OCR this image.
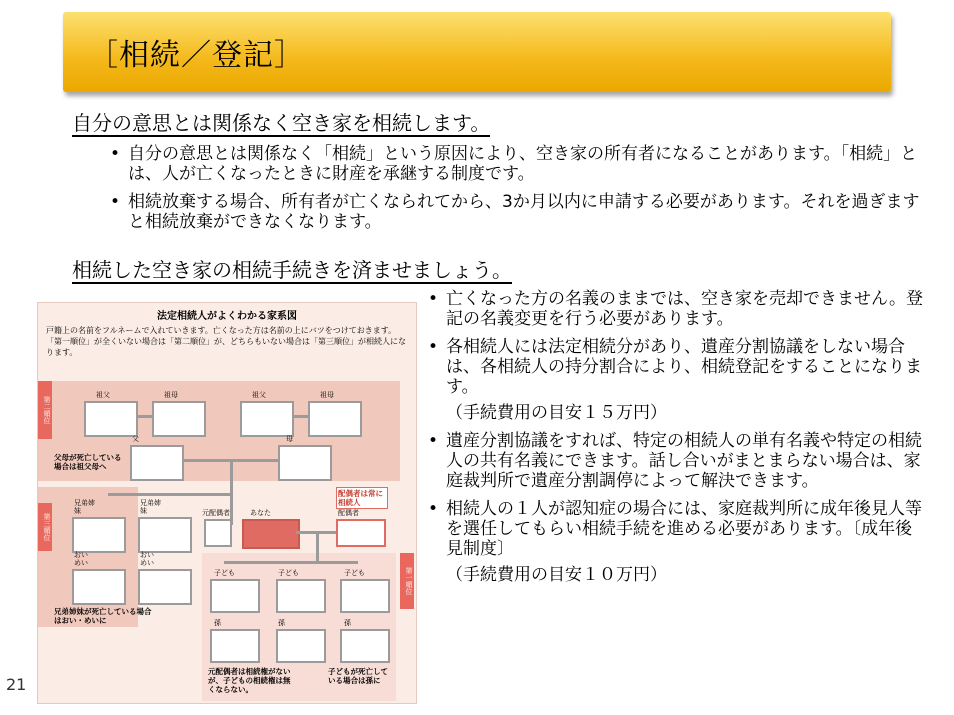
［相続／登記］
自分の意思とは関係なく空き家を相続します。
• 自分の意思とは関係なく「相続」という原因により、空き家の所有者になることがあります。「相続」とは、人が亡くなったときに財産を承継する制度です。
• 相続放棄する場合、所有者が亡くなられてから、3か月以内に申請する必要があります。それを過ぎますと相続放棄ができなくなります。
相続した空き家の相続手続きを済ませましょう。
• 亡くなった方の名義のままでは、空き家を売却できません。登記の名義変更を行う必要があります。
• 各相続人には法定相続分があり、遺産分割協議をしない場合は、各相続人の持分割合により、相続登記をすることになります。
（手続費用の目安１５万円）
• 遺産分割協議をすれば、特定の相続人の単有名義や特定の相続人の共有名義にできます。話し合いがまとまらない場合は、家庭裁判所で遺産分割調停によって解決できます。
• 相続人の１人が認知症の場合には、家庭裁判所に成年後見人等を選任してもらい相続手続を進める必要があります。〔成年後見制度〕
（手続費用の目安１０万円）
法定相続人がよくわかる家系図
戸籍上の名前をフルネームで入れていきます。亡くなった方は名前の上にバツをつけておきます。「第一順位」が全くいない場合は「第二順位」が、どちらもいない場合は「第三順位」が相続人になります。
第二順位
第三順位
第一順位
祖父	祖母	祖父	祖母
父	母
父母が死亡している場合は祖父母へ
兄弟姉妹
兄弟姉妹
おいめい
おいめい
兄弟姉妹が死亡している場合はおい・めいに
元配偶者	あなた
配偶者は常に相続人
配偶者
子ども	子ども	子ども
孫	孫	孫
元配偶者は相続権がないが、子どもの相続権は無くならない。
子どもが死亡している場合は孫に
21
